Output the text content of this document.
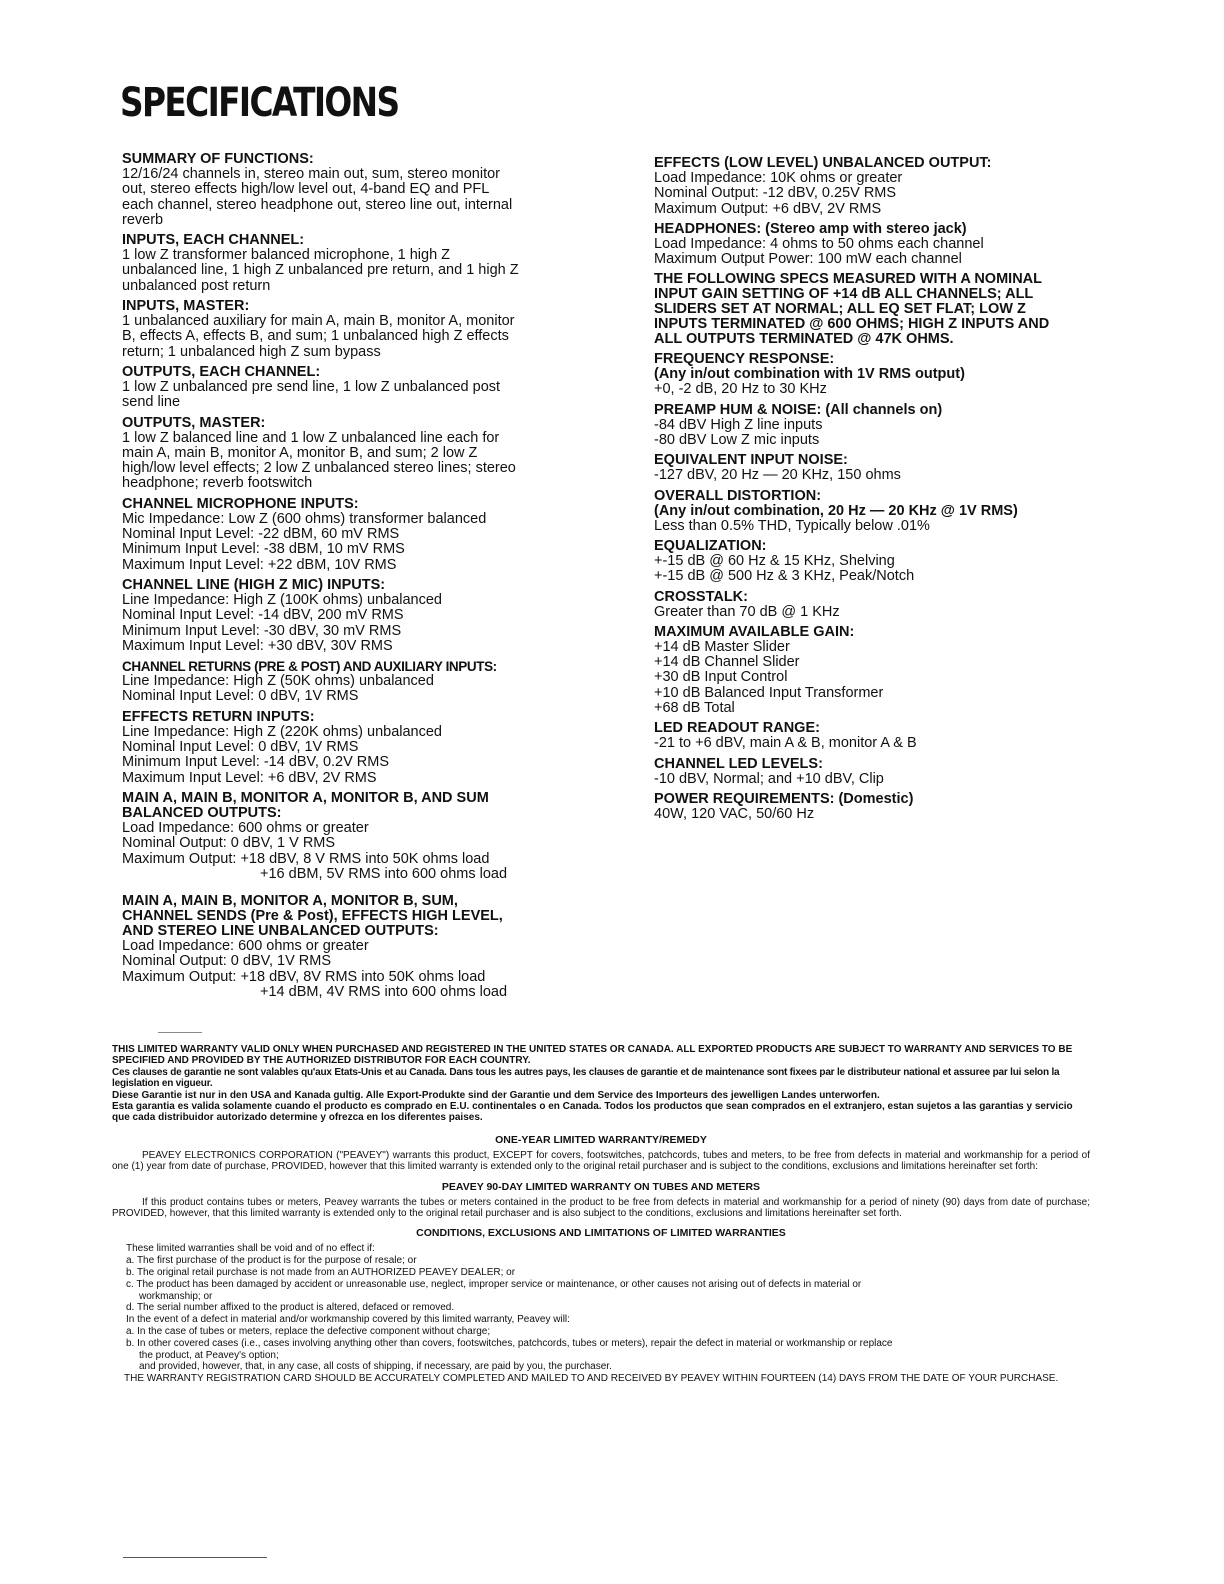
SPECIFICATIONS
SUMMARY OF FUNCTIONS:
12/16/24 channels in, stereo main out, sum, stereo monitor
out, stereo effects high/low level out, 4-band EQ and PFL
each channel, stereo headphone out, stereo line out, internal
reverb
INPUTS, EACH CHANNEL:
1 low Z transformer balanced microphone, 1 high Z
unbalanced line, 1 high Z unbalanced pre return, and 1 high Z
unbalanced post return
INPUTS, MASTER:
1 unbalanced auxiliary for main A, main B, monitor A, monitor
B, effects A, effects B, and sum; 1 unbalanced high Z effects
return; 1 unbalanced high Z sum bypass
OUTPUTS, EACH CHANNEL:
1 low Z unbalanced pre send line, 1 low Z unbalanced post
send line
OUTPUTS, MASTER:
1 low Z balanced line and 1 low Z unbalanced line each for
main A, main B, monitor A, monitor B, and sum; 2 low Z
high/low level effects; 2 low Z unbalanced stereo lines; stereo
headphone; reverb footswitch
CHANNEL MICROPHONE INPUTS:
Mic Impedance: Low Z (600 ohms) transformer balanced
Nominal Input Level: -22 dBM, 60 mV RMS
Minimum Input Level: -38 dBM, 10 mV RMS
Maximum Input Level: +22 dBM, 10V RMS
CHANNEL LINE (HIGH Z MIC) INPUTS:
Line Impedance: High Z (100K ohms) unbalanced
Nominal Input Level: -14 dBV, 200 mV RMS
Minimum Input Level: -30 dBV, 30 mV RMS
Maximum Input Level: +30 dBV, 30V RMS
CHANNEL RETURNS (PRE & POST) AND AUXILIARY INPUTS:
Line Impedance: High Z (50K ohms) unbalanced
Nominal Input Level: 0 dBV, 1V RMS
EFFECTS RETURN INPUTS:
Line Impedance: High Z (220K ohms) unbalanced
Nominal Input Level: 0 dBV, 1V RMS
Minimum Input Level: -14 dBV, 0.2V RMS
Maximum Input Level: +6 dBV, 2V RMS
MAIN A, MAIN B, MONITOR A, MONITOR B, AND SUM
BALANCED OUTPUTS:
Load Impedance: 600 ohms or greater
Nominal Output: 0 dBV, 1 V RMS
Maximum Output: +18 dBV, 8 V RMS into 50K ohms load
+16 dBM, 5V RMS into 600 ohms load
MAIN A, MAIN B, MONITOR A, MONITOR B, SUM,
CHANNEL SENDS (Pre & Post), EFFECTS HIGH LEVEL,
AND STEREO LINE UNBALANCED OUTPUTS:
Load Impedance: 600 ohms or greater
Nominal Output: 0 dBV, 1V RMS
Maximum Output: +18 dBV, 8V RMS into 50K ohms load
+14 dBM, 4V RMS into 600 ohms load
EFFECTS (LOW LEVEL) UNBALANCED OUTPUT:
Load Impedance: 10K ohms or greater
Nominal Output: -12 dBV, 0.25V RMS
Maximum Output: +6 dBV, 2V RMS
HEADPHONES: (Stereo amp with stereo jack)
Load Impedance: 4 ohms to 50 ohms each channel
Maximum Output Power: 100 mW each channel
THE FOLLOWING SPECS MEASURED WITH A NOMINAL
INPUT GAIN SETTING OF +14 dB ALL CHANNELS; ALL
SLIDERS SET AT NORMAL; ALL EQ SET FLAT; LOW Z
INPUTS TERMINATED @ 600 OHMS; HIGH Z INPUTS AND
ALL OUTPUTS TERMINATED @ 47K OHMS.
FREQUENCY RESPONSE:
(Any in/out combination with 1V RMS output)
+0, -2 dB, 20 Hz to 30 KHz
PREAMP HUM & NOISE: (All channels on)
-84 dBV High Z line inputs
-80 dBV Low Z mic inputs
EQUIVALENT INPUT NOISE:
-127 dBV, 20 Hz — 20 KHz, 150 ohms
OVERALL DISTORTION:
(Any in/out combination, 20 Hz — 20 KHz @ 1V RMS)
Less than 0.5% THD, Typically below .01%
EQUALIZATION:
+-15 dB @ 60 Hz & 15 KHz, Shelving
+-15 dB @ 500 Hz & 3 KHz, Peak/Notch
CROSSTALK:
Greater than 70 dB @ 1 KHz
MAXIMUM AVAILABLE GAIN:
+14 dB Master Slider
+14 dB Channel Slider
+30 dB Input Control
+10 dB Balanced Input Transformer
+68 dB Total
LED READOUT RANGE:
-21 to +6 dBV, main A & B, monitor A & B
CHANNEL LED LEVELS:
-10 dBV, Normal; and +10 dBV, Clip
POWER REQUIREMENTS: (Domestic)
40W, 120 VAC, 50/60 Hz
THIS LIMITED WARRANTY VALID ONLY WHEN PURCHASED AND REGISTERED IN THE UNITED STATES OR CANADA. ALL EXPORTED PRODUCTS ARE SUBJECT TO WARRANTY AND SERVICES TO BE SPECIFIED AND PROVIDED BY THE AUTHORIZED DISTRIBUTOR FOR EACH COUNTRY.
Ces clauses de garantie ne sont valables qu'aux Etats-Unis et au Canada. Dans tous les autres pays, les clauses de garantie et de maintenance sont fixees par le distributeur national et assuree par lui selon la legislation en vigueur.
Diese Garantie ist nur in den USA and Kanada gultig. Alle Export-Produkte sind der Garantie und dem Service des Importeurs des jewelligen Landes unterworfen.
Esta garantia es valida solamente cuando el producto es comprado en E.U. continentales o en Canada. Todos los productos que sean comprados en el extranjero, estan sujetos a las garantias y servicio que cada distribuidor autorizado determine y ofrezca en los diferentes paises.
ONE-YEAR LIMITED WARRANTY/REMEDY
PEAVEY ELECTRONICS CORPORATION ("PEAVEY") warrants this product, EXCEPT for covers, footswitches, patchcords, tubes and meters, to be free from defects in material and workmanship for a period of one (1) year from date of purchase, PROVIDED, however that this limited warranty is extended only to the original retail purchaser and is subject to the conditions, exclusions and limitations hereinafter set forth:
PEAVEY 90-DAY LIMITED WARRANTY ON TUBES AND METERS
If this product contains tubes or meters, Peavey warrants the tubes or meters contained in the product to be free from defects in material and workmanship for a period of ninety (90) days from date of purchase; PROVIDED, however, that this limited warranty is extended only to the original retail purchaser and is also subject to the conditions, exclusions and limitations hereinafter set forth.
CONDITIONS, EXCLUSIONS AND LIMITATIONS OF LIMITED WARRANTIES
These limited warranties shall be void and of no effect if:
a. The first purchase of the product is for the purpose of resale; or
b. The original retail purchase is not made from an AUTHORIZED PEAVEY DEALER; or
c. The product has been damaged by accident or unreasonable use, neglect, improper service or maintenance, or other causes not arising out of defects in material or
workmanship; or
d. The serial number affixed to the product is altered, defaced or removed.
In the event of a defect in material and/or workmanship covered by this limited warranty, Peavey will:
a. In the case of tubes or meters, replace the defective component without charge;
b. In other covered cases (i.e., cases involving anything other than covers, footswitches, patchcords, tubes or meters), repair the defect in material or workmanship or replace
the product, at Peavey's option;
and provided, however, that, in any case, all costs of shipping, if necessary, are paid by you, the purchaser.
THE WARRANTY REGISTRATION CARD SHOULD BE ACCURATELY COMPLETED AND MAILED TO AND RECEIVED BY PEAVEY WITHIN FOURTEEN (14) DAYS FROM THE DATE OF YOUR PURCHASE.
